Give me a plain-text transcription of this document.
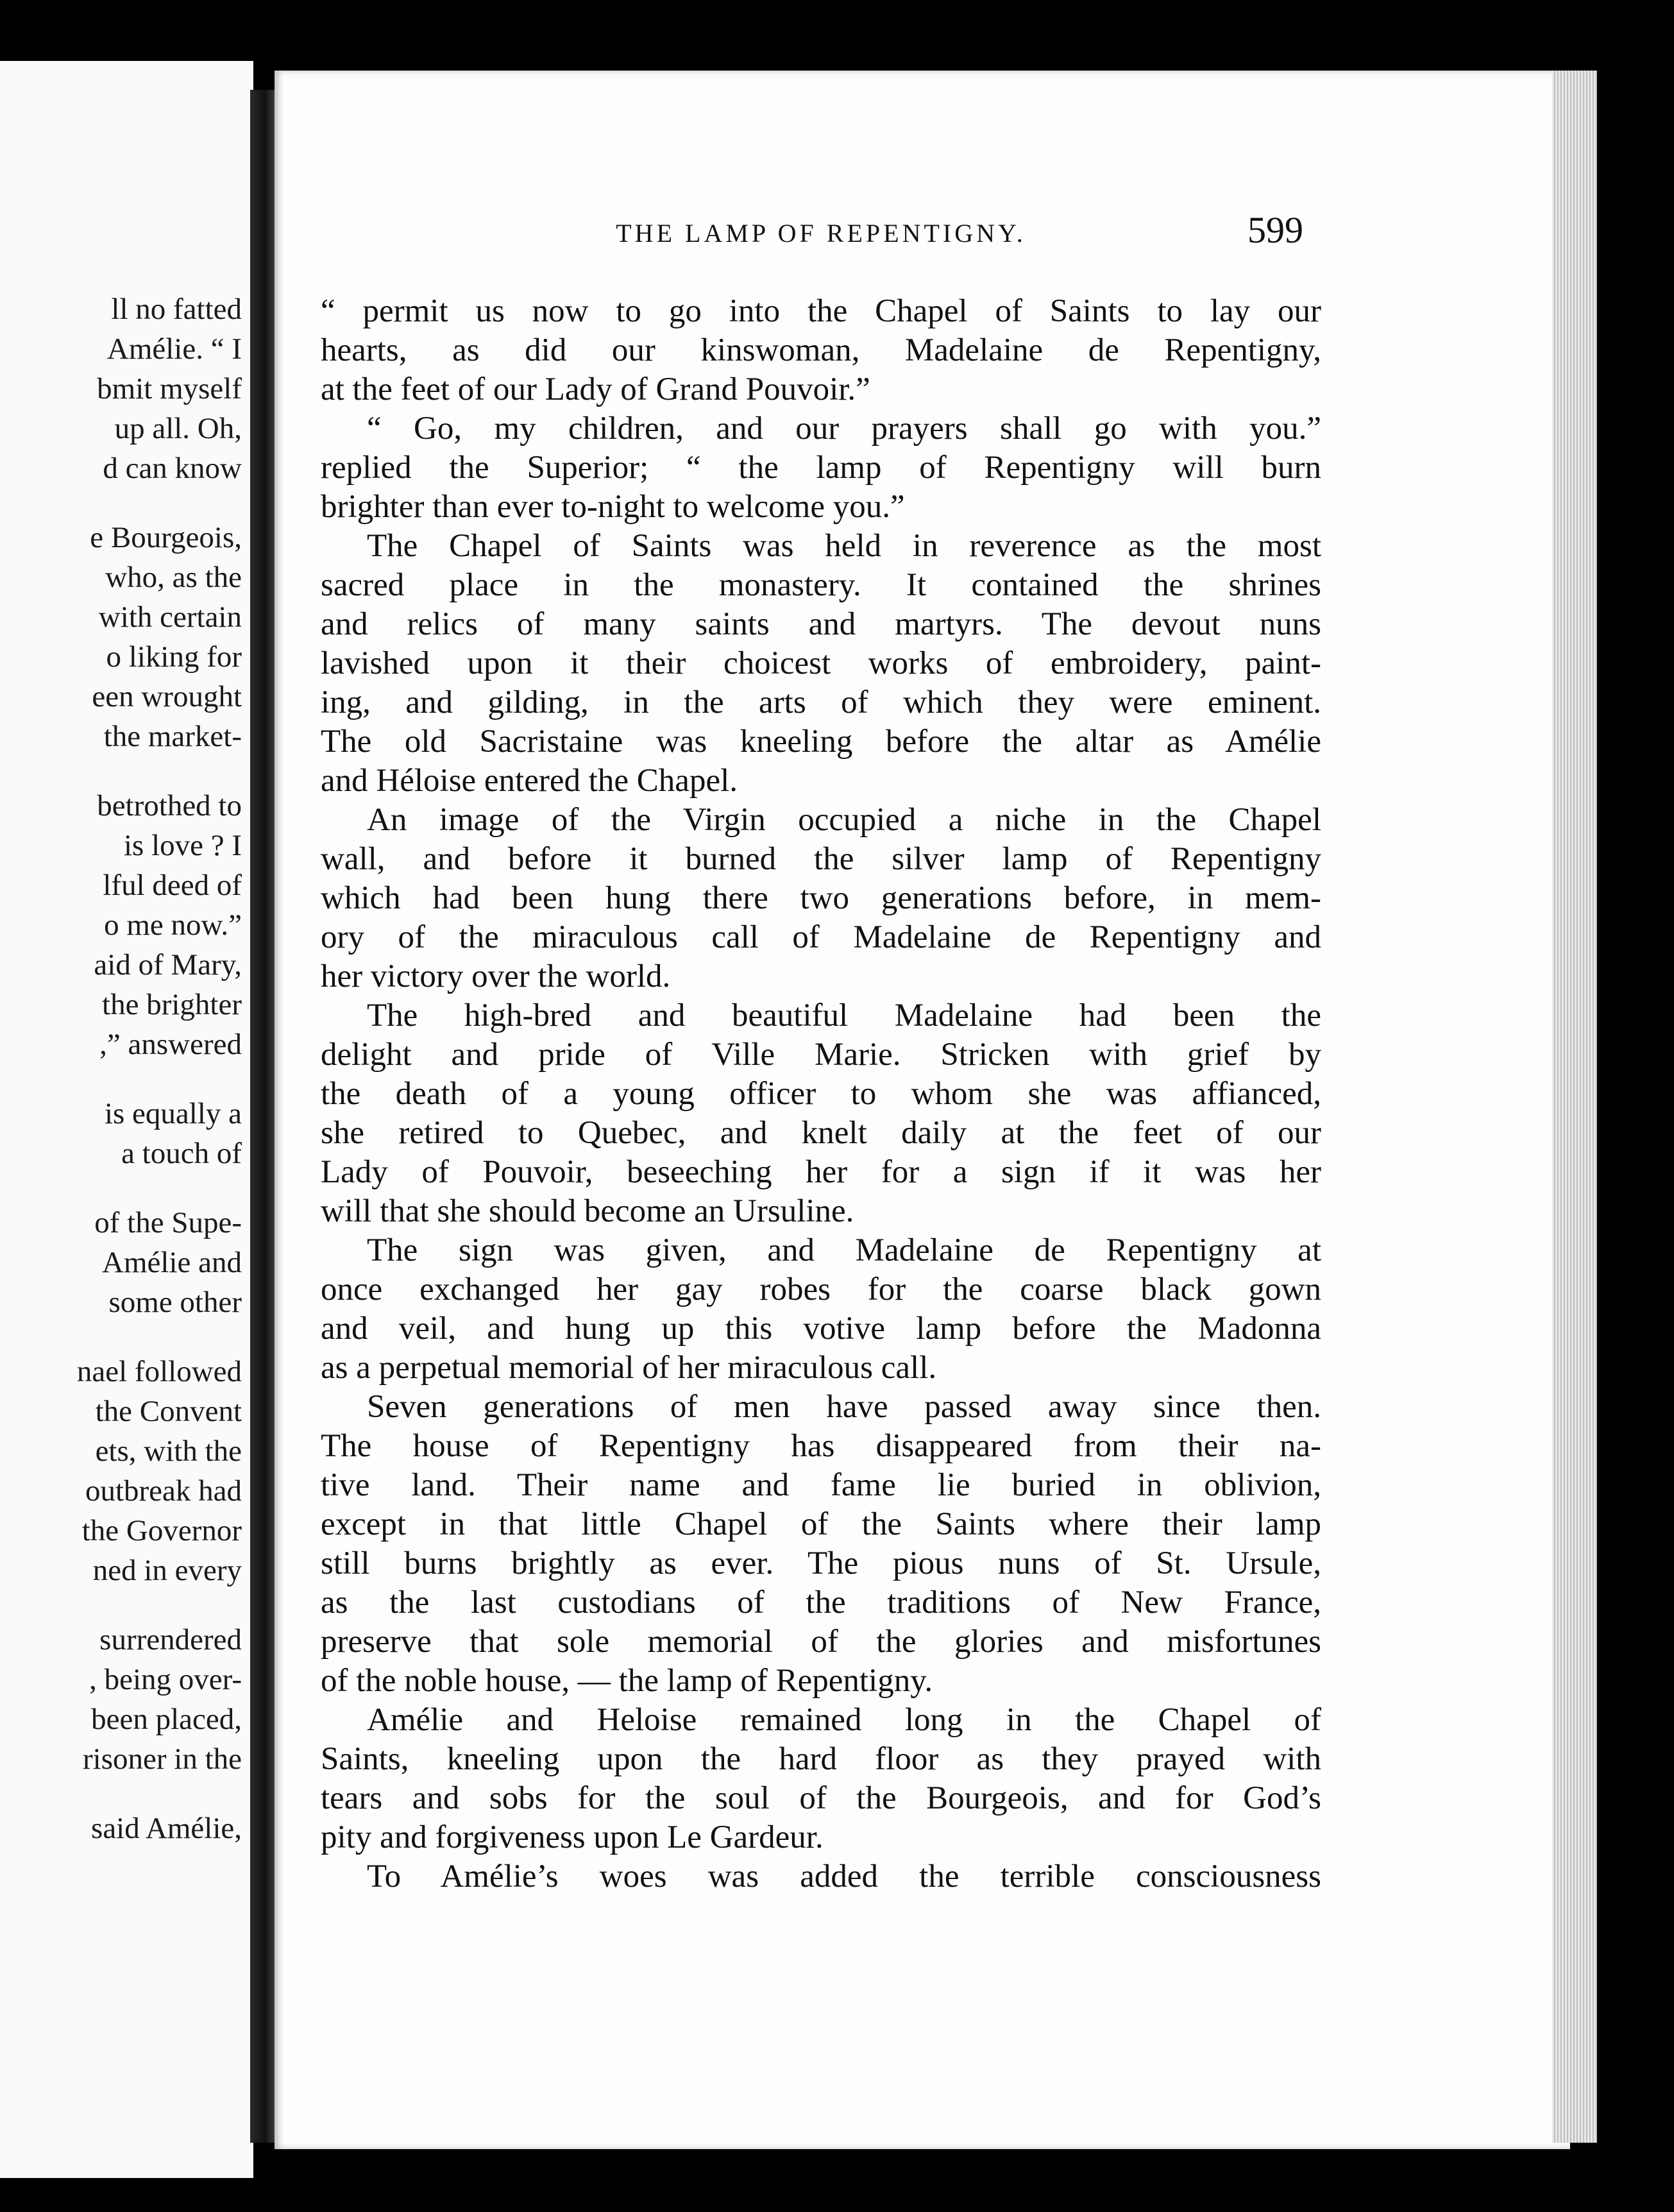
ll no fatted
Amélie. “ I
bmit myself
up all. Oh,
d can know
e Bourgeois,
who, as the
with certain
o liking for
een wrought
the market-
betrothed to
is love ? I
lful deed of
o me now.”
aid of Mary,
the brighter
,” answered
is equally a
a touch of
of the Supe-
Amélie and
some other
nael followed
the Convent
ets, with the
outbreak had
the Governor
ned in every
surrendered
, being over-
been placed,
risoner in the
said Amélie,
THE LAMP OF REPENTIGNY.	599
“ permit us now to go into the Chapel of Saints to lay our
hearts, as did our kinswoman, Madelaine de Repentigny,
at the feet of our Lady of Grand Pouvoir.”
“ Go, my children, and our prayers shall go with you.”
replied the Superior; “ the lamp of Repentigny will burn
brighter than ever to-night to welcome you.”
The Chapel of Saints was held in reverence as the most
sacred place in the monastery. It contained the shrines
and relics of many saints and martyrs. The devout nuns
lavished upon it their choicest works of embroidery, paint-
ing, and gilding, in the arts of which they were eminent.
The old Sacristaine was kneeling before the altar as Amélie
and Héloise entered the Chapel.
An image of the Virgin occupied a niche in the Chapel
wall, and before it burned the silver lamp of Repentigny
which had been hung there two generations before, in mem-
ory of the miraculous call of Madelaine de Repentigny and
her victory over the world.
The high-bred and beautiful Madelaine had been the
delight and pride of Ville Marie. Stricken with grief by
the death of a young officer to whom she was affianced,
she retired to Quebec, and knelt daily at the feet of our
Lady of Pouvoir, beseeching her for a sign if it was her
will that she should become an Ursuline.
The sign was given, and Madelaine de Repentigny at
once exchanged her gay robes for the coarse black gown
and veil, and hung up this votive lamp before the Madonna
as a perpetual memorial of her miraculous call.
Seven generations of men have passed away since then.
The house of Repentigny has disappeared from their na-
tive land. Their name and fame lie buried in oblivion,
except in that little Chapel of the Saints where their lamp
still burns brightly as ever. The pious nuns of St. Ursule,
as the last custodians of the traditions of New France,
preserve that sole memorial of the glories and misfortunes
of the noble house, — the lamp of Repentigny.
Amélie and Heloise remained long in the Chapel of
Saints, kneeling upon the hard floor as they prayed with
tears and sobs for the soul of the Bourgeois, and for God’s
pity and forgiveness upon Le Gardeur.
To Amélie’s woes was added the terrible consciousness
